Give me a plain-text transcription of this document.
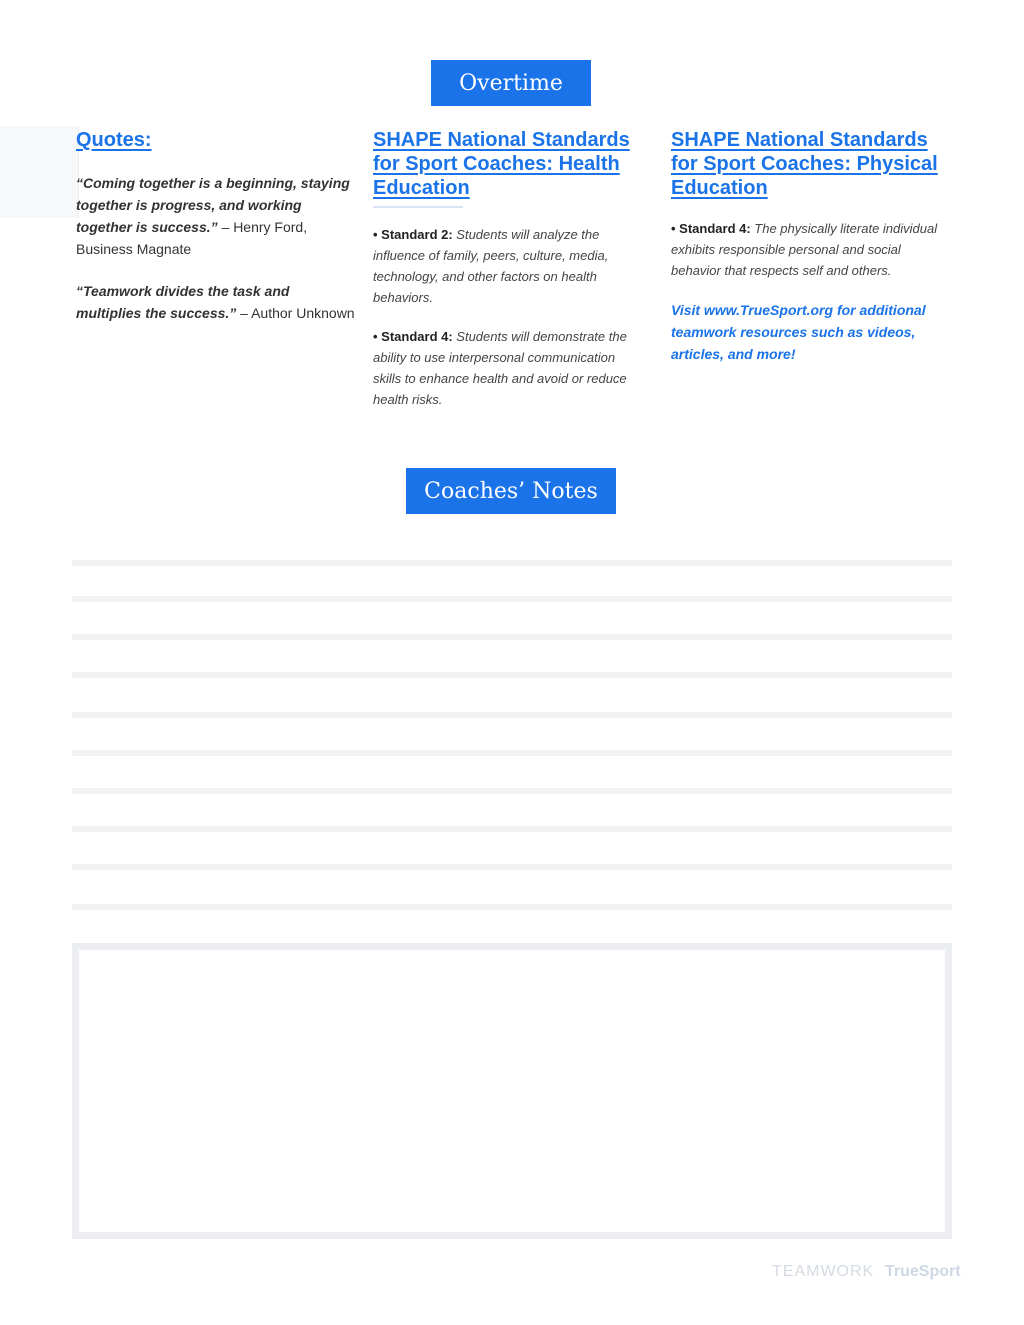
Overtime
Quotes:

“Coming together is a beginning, staying together is progress, and working together is success.” – Henry Ford, Business Magnate

“Teamwork divides the task and multiplies the success.” – Author Unknown

SHAPE National Standards for Sport Coaches: Health Education

• Standard 2: Students will analyze the influence of family, peers, culture, media, technology, and other factors on health behaviors.

• Standard 4: Students will demonstrate the ability to use interpersonal communication skills to enhance health and avoid or reduce health risks.

SHAPE National Standards for Sport Coaches: Physical Education

• Standard 4: The physically literate individual exhibits responsible personal and social behavior that respects self and others.

Visit www.TrueSport.org for additional teamwork resources such as videos, articles, and more!

Coaches’ Notes
TEAMWORK TrueSport
